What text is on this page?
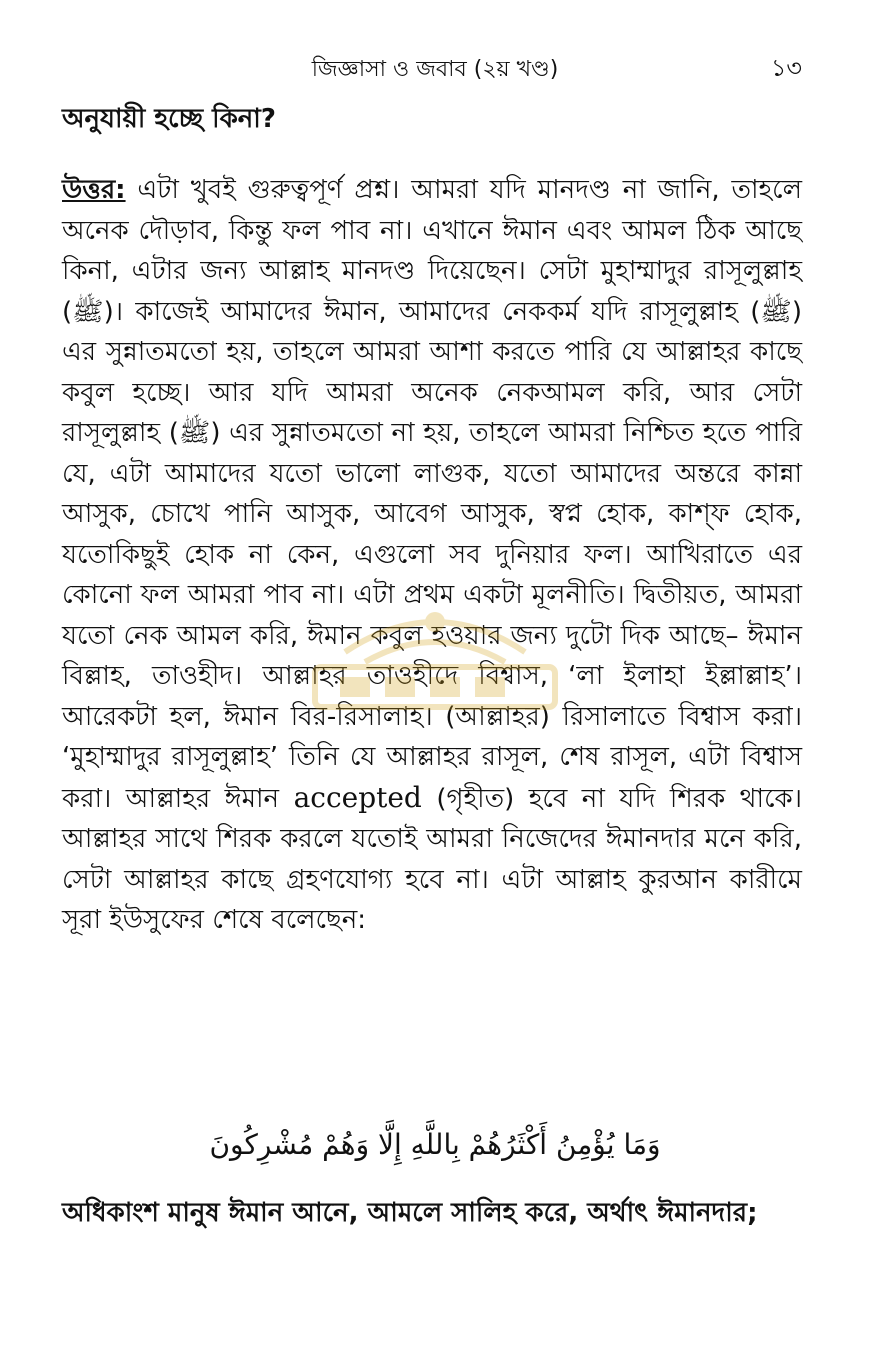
জিজ্ঞাসা ও জবাব (২য় খণ্ড)	১৩
অনুযায়ী হচ্ছে কিনা?
উত্তর: এটা খুবই গুরুত্বপূর্ণ প্রশ্ন। আমরা যদি মানদণ্ড না জানি, তাহলে অনেক দৌড়াব, কিন্তু ফল পাব না। এখানে ঈমান এবং আমল ঠিক আছে কিনা, এটার জন্য আল্লাহ মানদণ্ড দিয়েছেন। সেটা মুহাম্মাদুর রাসূলুল্লাহ (ﷺ)। কাজেই আমাদের ঈমান, আমাদের নেককর্ম যদি রাসূলুল্লাহ (ﷺ) এর সুন্নাতমতো হয়, তাহলে আমরা আশা করতে পারি যে আল্লাহর কাছে কবুল হচ্ছে। আর যদি আমরা অনেক নেকআমল করি, আর সেটা রাসূলুল্লাহ (ﷺ) এর সুন্নাতমতো না হয়, তাহলে আমরা নিশ্চিত হতে পারি যে, এটা আমাদের যতো ভালো লাগুক, যতো আমাদের অন্তরে কান্না আসুক, চোখে পানি আসুক, আবেগ আসুক, স্বপ্ন হোক, কাশ্‌ফ হোক, যতোকিছুই হোক না কেন, এগুলো সব দুনিয়ার ফল। আখিরাতে এর কোনো ফল আমরা পাব না। এটা প্রথম একটা মূলনীতি। দ্বিতীয়ত, আমরা যতো নেক আমল করি, ঈমান কবুল হওয়ার জন্য দুটো দিক আছে– ঈমান বিল্লাহ, তাওহীদ। আল্লাহর তাওহীদে বিশ্বাস, ‘লা ইলাহা ইল্লাল্লাহ’। আরেকটা হল, ঈমান বির-রিসালাহ। (আল্লাহর) রিসালাতে বিশ্বাস করা। ‘মুহাম্মাদুর রাসূলুল্লাহ’ তিনি যে আল্লাহর রাসূল, শেষ রাসূল, এটা বিশ্বাস করা। আল্লাহর ঈমান accepted (গৃহীত) হবে না যদি শিরক থাকে। আল্লাহর সাথে শিরক করলে যতোই আমরা নিজেদের ঈমানদার মনে করি, সেটা আল্লাহর কাছে গ্রহণযোগ্য হবে না। এটা আল্লাহ কুরআন কারীমে সূরা ইউসুফের শেষে বলেছেন:
وَمَا يُؤْمِنُ أَكْثَرُهُمْ بِاللَّهِ إِلَّا وَهُمْ مُشْرِكُونَ
অধিকাংশ মানুষ ঈমান আনে, আমলে সালিহ করে, অর্থাৎ ঈমানদার;
